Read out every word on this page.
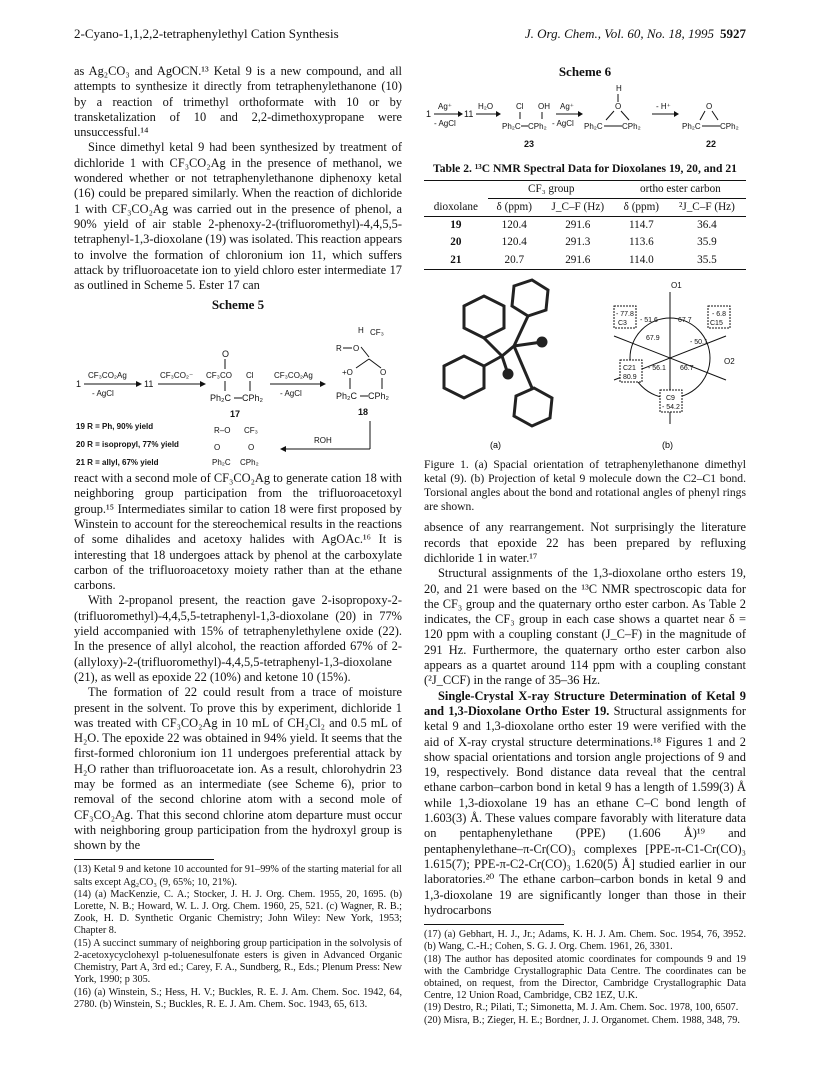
2-Cyano-1,1,2,2-tetraphenylethyl Cation Synthesis	J. Org. Chem., Vol. 60, No. 18, 1995 5927

as Ag₂CO₃ and AgOCN.¹³ Ketal 9 is a new compound, and all attempts to synthesize it directly from tetraphenylethanone (10) by a reaction of trimethyl orthoformate with 10 or by transketalization of 10 and 2,2-dimethoxypropane were unsuccessful.¹⁴

Since dimethyl ketal 9 had been synthesized by treatment of dichloride 1 with CF₃CO₂Ag in the presence of methanol, we wondered whether or not tetraphenylethanone diphenoxy ketal (16) could be prepared similarly. When the reaction of dichloride 1 with CF₃CO₂Ag was carried out in the presence of phenol, a 90% yield of air stable 2-phenoxy-2-(trifluoromethyl)-4,4,5,5-tetraphenyl-1,3-dioxolane (19) was isolated. This reaction appears to involve the formation of chloronium ion 11, which suffers attack by trifluoroacetate ion to yield chloro ester intermediate 17 as outlined in Scheme 5. Ester 17 can

Scheme 5
1
CF₃CO₂Ag
- AgCl
11
CF₃CO₂⁻
O
CF₃ CO Cl
Ph₂C CPh₂
17
CF₃CO₂Ag
- AgCl
H CF₃
R O
+O	O
Ph₂C CPh₂
18
ROH
R–O CF₃
O	O
Ph₂C CPh₂
19 R = Ph, 90% yield
20 R = isopropyl, 77% yield
21 R = allyl, 67% yield

react with a second mole of CF₃CO₂Ag to generate cation 18 with neighboring group participation from the trifluoroacetoxyl group.¹⁵ Intermediates similar to cation 18 were first proposed by Winstein to account for the stereochemical results in the reactions of some dihalides and acetoxy halides with AgOAc.¹⁶ It is interesting that 18 undergoes attack by phenol at the carboxylate carbon of the trifluoroacetoxy moiety rather than at the ethane carbons.

With 2-propanol present, the reaction gave 2-isopropoxy-2-(trifluoromethyl)-4,4,5,5-tetraphenyl-1,3-dioxolane (20) in 77% yield accompanied with 15% of tetraphenylethylene oxide (22). In the presence of allyl alcohol, the reaction afforded 67% of 2-(allyloxy)-2-(trifluoromethyl)-4,4,5,5-tetraphenyl-1,3-dioxolane (21), as well as epoxide 22 (10%) and ketone 10 (15%).

The formation of 22 could result from a trace of moisture present in the solvent. To prove this by experiment, dichloride 1 was treated with CF₃CO₂Ag in 10 mL of CH₂Cl₂ and 0.5 mL of H₂O. The epoxide 22 was obtained in 94% yield. It seems that the first-formed chloronium ion 11 undergoes preferential attack by H₂O rather than trifluoroacetate ion. As a result, chlorohydrin 23 may be formed as an intermediate (see Scheme 6), prior to removal of the second chlorine atom with a second mole of CF₃CO₂Ag. That this second chlorine atom departure must occur with neighboring group participation from the hydroxyl group is shown by the

(13) Ketal 9 and ketone 10 accounted for 91–99% of the starting material for all salts except Ag₂CO₃ (9, 65%; 10, 21%).
(14) (a) MacKenzie, C. A.; Stocker, J. H. J. Org. Chem. 1955, 20, 1695. (b) Lorette, N. B.; Howard, W. L. J. Org. Chem. 1960, 25, 521. (c) Wagner, R. B.; Zook, H. D. Synthetic Organic Chemistry; John Wiley: New York, 1953; Chapter 8.
(15) A succinct summary of neighboring group participation in the solvolysis of 2-acetoxycyclohexyl p-toluenesulfonate esters is given in Advanced Organic Chemistry, Part A, 3rd ed.; Carey, F. A., Sundberg, R., Eds.; Plenum Press: New York, 1990; p 305.
(16) (a) Winstein, S.; Hess, H. V.; Buckles, R. E. J. Am. Chem. Soc. 1942, 64, 2780. (b) Winstein, S.; Buckles, R. E. J. Am. Chem. Soc. 1943, 65, 613.
Scheme 6
1
Ag⁺
- AgCl
11
H₂O	Cl OH
Ph₂C CPh₂
23
Ag⁺
- AgCl
H
O
Ph₂C CPh₂
- H⁺	O
Ph₂C CPh₂
22
Table 2. ¹³C NMR Spectral Data for Dioxolanes 19, 20, and 21
	CF₃ group		ortho ester carbon	
dioxolane	δ (ppm)	J_C–F (Hz)	δ (ppm)	²J_C–F (Hz)
19	120.4	291.6	114.7	36.4
20	120.4	291.3	113.6	35.9
21	20.7	291.6	114.0	35.5
(a)
O1
O2
- 77.8
C3
- 6.8
C15
- 51.6	67.7
67.9
- 50.1
C21
80.9
- 56.1 66.7
C9
- 54.2
(b)
Figure 1. (a) Spacial orientation of tetraphenylethanone dimethyl ketal (9). (b) Projection of ketal 9 molecule down the C2–C1 bond. Torsional angles about the bond and rotational angles of phenyl rings are shown.

absence of any rearrangement. Not surprisingly the literature records that epoxide 22 has been prepared by refluxing dichloride 1 in water.¹⁷

Structural assignments of the 1,3-dioxolane ortho esters 19, 20, and 21 were based on the ¹³C NMR spectroscopic data for the CF₃ group and the quaternary ortho ester carbon. As Table 2 indicates, the CF₃ group in each case shows a quartet near δ = 120 ppm with a coupling constant (J_C–F) in the magnitude of 291 Hz. Furthermore, the quaternary ortho ester carbon also appears as a quartet around 114 ppm with a coupling constant (²J_CCF) in the range of 35–36 Hz.

Single-Crystal X-ray Structure Determination of Ketal 9 and 1,3-Dioxolane Ortho Ester 19. Structural assignments for ketal 9 and 1,3-dioxolane ortho ester 19 were verified with the aid of X-ray crystal structure determinations.¹⁸ Figures 1 and 2 show spacial orientations and torsion angle projections of 9 and 19, respectively. Bond distance data reveal that the central ethane carbon–carbon bond in ketal 9 has a length of 1.599(3) Å while 1,3-dioxolane 19 has an ethane C–C bond length of 1.603(3) Å. These values compare favorably with literature data on pentaphenylethane (PPE) (1.606 Å)¹⁹ and pentaphenylethane–π-Cr(CO)₃ complexes [PPE-π-C1-Cr(CO)₃ 1.615(7); PPE-π-C2-Cr(CO)₃ 1.620(5) Å] studied earlier in our laboratories.²⁰ The ethane carbon–carbon bonds in ketal 9 and 1,3-dioxolane 19 are significantly longer than those in their hydrocarbons

(17) (a) Gebhart, H. J., Jr.; Adams, K. H. J. Am. Chem. Soc. 1954, 76, 3952. (b) Wang, C.-H.; Cohen, S. G. J. Org. Chem. 1961, 26, 3301.
(18) The author has deposited atomic coordinates for compounds 9 and 19 with the Cambridge Crystallographic Data Centre. The coordinates can be obtained, on request, from the Director, Cambridge Crystallographic Data Centre, 12 Union Road, Cambridge, CB2 1EZ, U.K.
(19) Destro, R.; Pilati, T.; Simonetta, M. J. Am. Chem. Soc. 1978, 100, 6507.
(20) Misra, B.; Zieger, H. E.; Bordner, J. J. Organomet. Chem. 1988, 348, 79.
